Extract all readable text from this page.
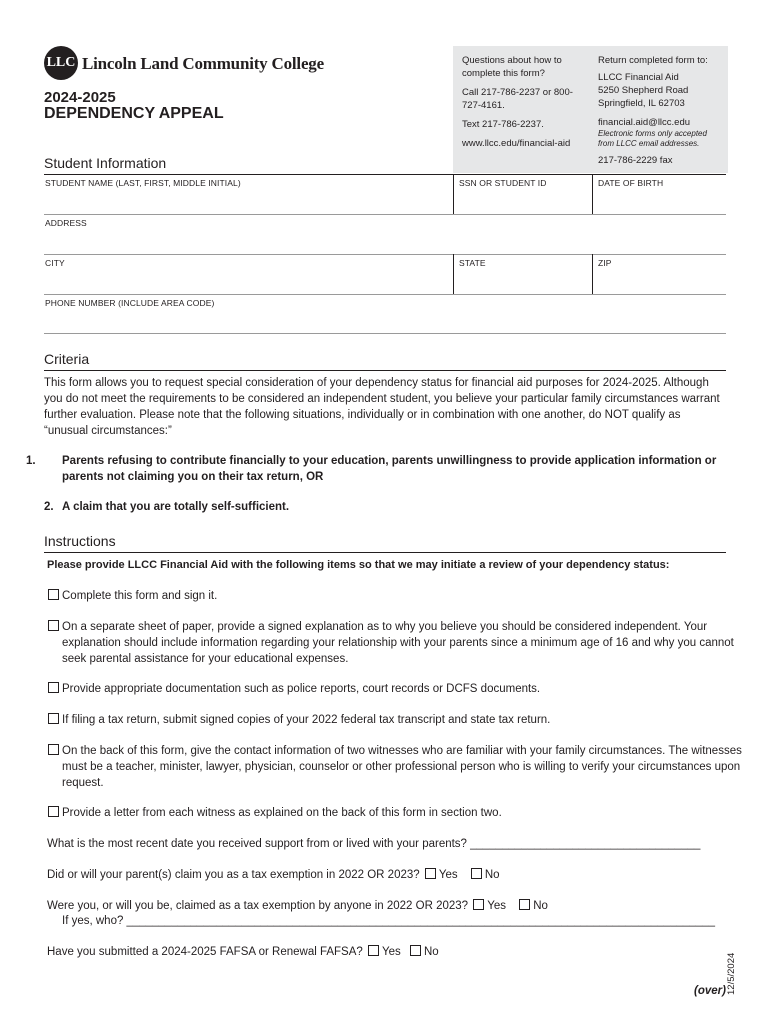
LLC Lincoln Land Community College
2024-2025
DEPENDENCY APPEAL

Questions about how to complete this form?

Call 217-786-2237 or 800-727-4161.

Text 217-786-2237.

www.llcc.edu/financial-aid

Return completed form to:

LLCC Financial Aid
5250 Shepherd Road

Springfield, IL 62703

financial.aid@llcc.edu

Electronic forms only accepted from LLCC email addresses.

217-786-2229 fax
Student Information
STUDENT NAME (LAST, FIRST, MIDDLE INITIAL)	SSN OR STUDENT ID	DATE OF BIRTH
ADDRESS
CITY	STATE	ZIP
PHONE NUMBER (INCLUDE AREA CODE)
Criteria
This form allows you to request special consideration of your dependency status for financial aid purposes for 2024-2025. Although you do not meet the requirements to be considered an independent student, you believe your particular family circumstances warrant further evaluation. Please note that the following situations, individually or in combination with one another, do NOT qualify as “unusual circumstances:”
1. Parents refusing to contribute financially to your education, parents unwillingness to provide application information or parents not claiming you on their tax return, OR
2. A claim that you are totally self-sufficient.
Instructions
Please provide LLCC Financial Aid with the following items so that we may initiate a review of your dependency status:
Complete this form and sign it.
On a separate sheet of paper, provide a signed explanation as to why you believe you should be considered independent. Your explanation should include information regarding your relationship with your parents since a minimum age of 16 and why you cannot seek parental assistance for your educational expenses.
Provide appropriate documentation such as police reports, court records or DCFS documents.
If filing a tax return, submit signed copies of your 2022 federal tax transcript and state tax return.
On the back of this form, give the contact information of two witnesses who are familiar with your family circumstances. The witnesses must be a teacher, minister, lawyer, physician, counselor or other professional person who is willing to verify your circumstances upon request.
Provide a letter from each witness as explained on the back of this form in section two.
What is the most recent date you received support from or lived with your parents? ____________________________________
Did or will your parent(s) claim you as a tax exemption in 2022 OR 2023? Yes No
Were you, or will you be, claimed as a tax exemption by anyone in 2022 OR 2023? Yes No
If yes, who? ____________________________________________________________________________________________
Have you submitted a 2024-2025 FAFSA or Renewal FAFSA? Yes No
(over) 12/5/2024
